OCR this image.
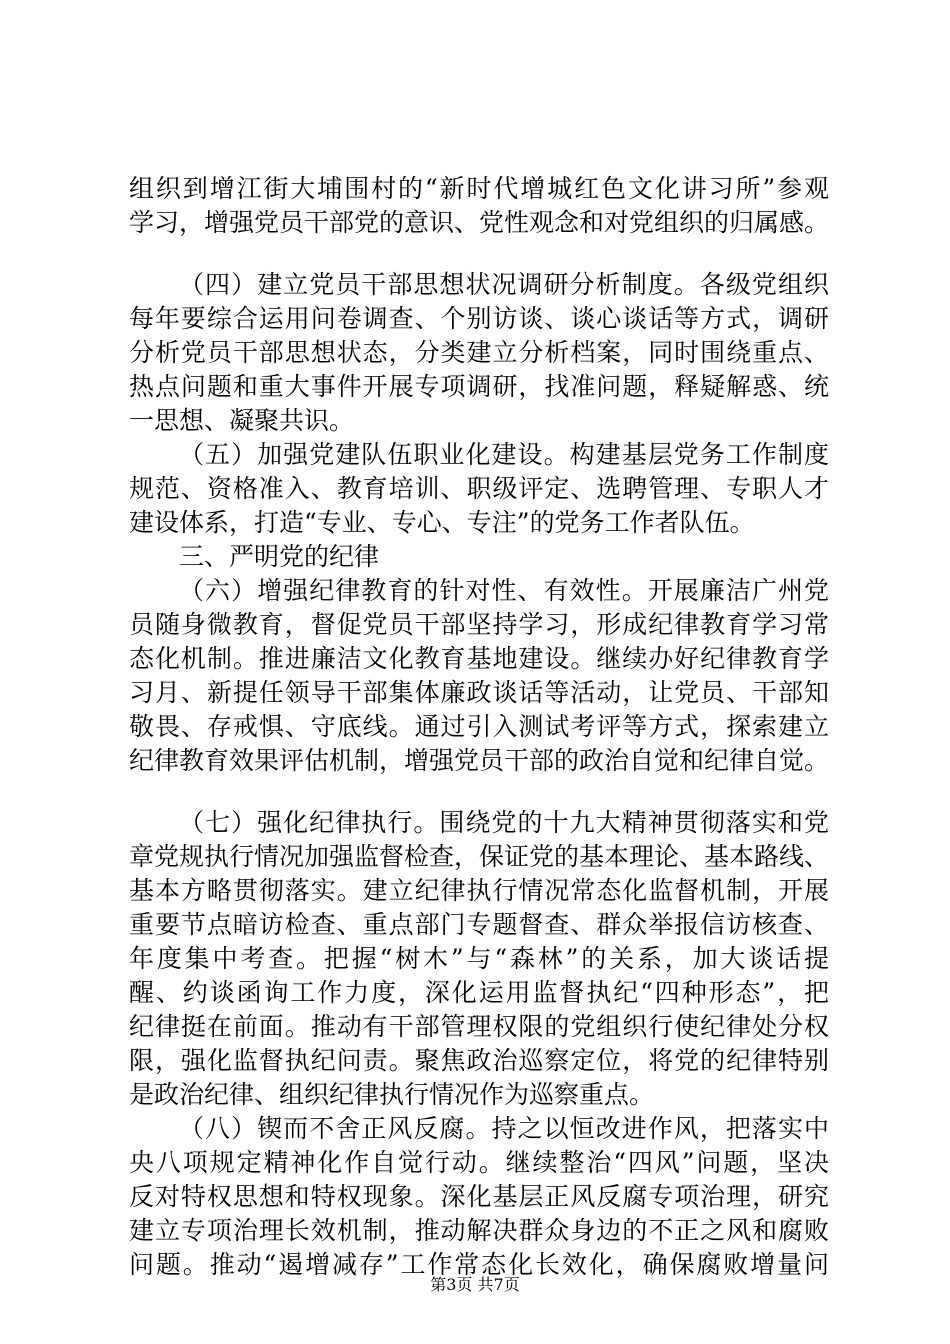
组织到增江街大埔围村的“新时代增城红色文化讲习所”参观
学习，增强党员干部党的意识、党性观念和对党组织的归属感。
（四）建立党员干部思想状况调研分析制度。各级党组织
每年要综合运用问卷调查、个别访谈、谈心谈话等方式，调研
分析党员干部思想状态，分类建立分析档案，同时围绕重点、
热点问题和重大事件开展专项调研，找准问题，释疑解惑、统
一思想、凝聚共识。
（五）加强党建队伍职业化建设。构建基层党务工作制度
规范、资格准入、教育培训、职级评定、选聘管理、专职人才
建设体系，打造“专业、专心、专注”的党务工作者队伍。
三、严明党的纪律
（六）增强纪律教育的针对性、有效性。开展廉洁广州党
员随身微教育，督促党员干部坚持学习，形成纪律教育学习常
态化机制。推进廉洁文化教育基地建设。继续办好纪律教育学
习月、新提任领导干部集体廉政谈话等活动，让党员、干部知
敬畏、存戒惧、守底线。通过引入测试考评等方式，探索建立
纪律教育效果评估机制，增强党员干部的政治自觉和纪律自觉。
（七）强化纪律执行。围绕党的十九大精神贯彻落实和党
章党规执行情况加强监督检查，保证党的基本理论、基本路线、
基本方略贯彻落实。建立纪律执行情况常态化监督机制，开展
重要节点暗访检查、重点部门专题督查、群众举报信访核查、
年度集中考查。把握“树木”与“森林”的关系，加大谈话提
醒、约谈函询工作力度，深化运用监督执纪“四种形态”，把
纪律挺在前面。推动有干部管理权限的党组织行使纪律处分权
限，强化监督执纪问责。聚焦政治巡察定位，将党的纪律特别
是政治纪律、组织纪律执行情况作为巡察重点。
（八）锲而不舍正风反腐。持之以恒改进作风，把落实中
央八项规定精神化作自觉行动。继续整治“四风”问题，坚决
反对特权思想和特权现象。深化基层正风反腐专项治理，研究
建立专项治理长效机制，推动解决群众身边的不正之风和腐败
问题。推动“遏增减存”工作常态化长效化，确保腐败增量问
第3页 共7页
